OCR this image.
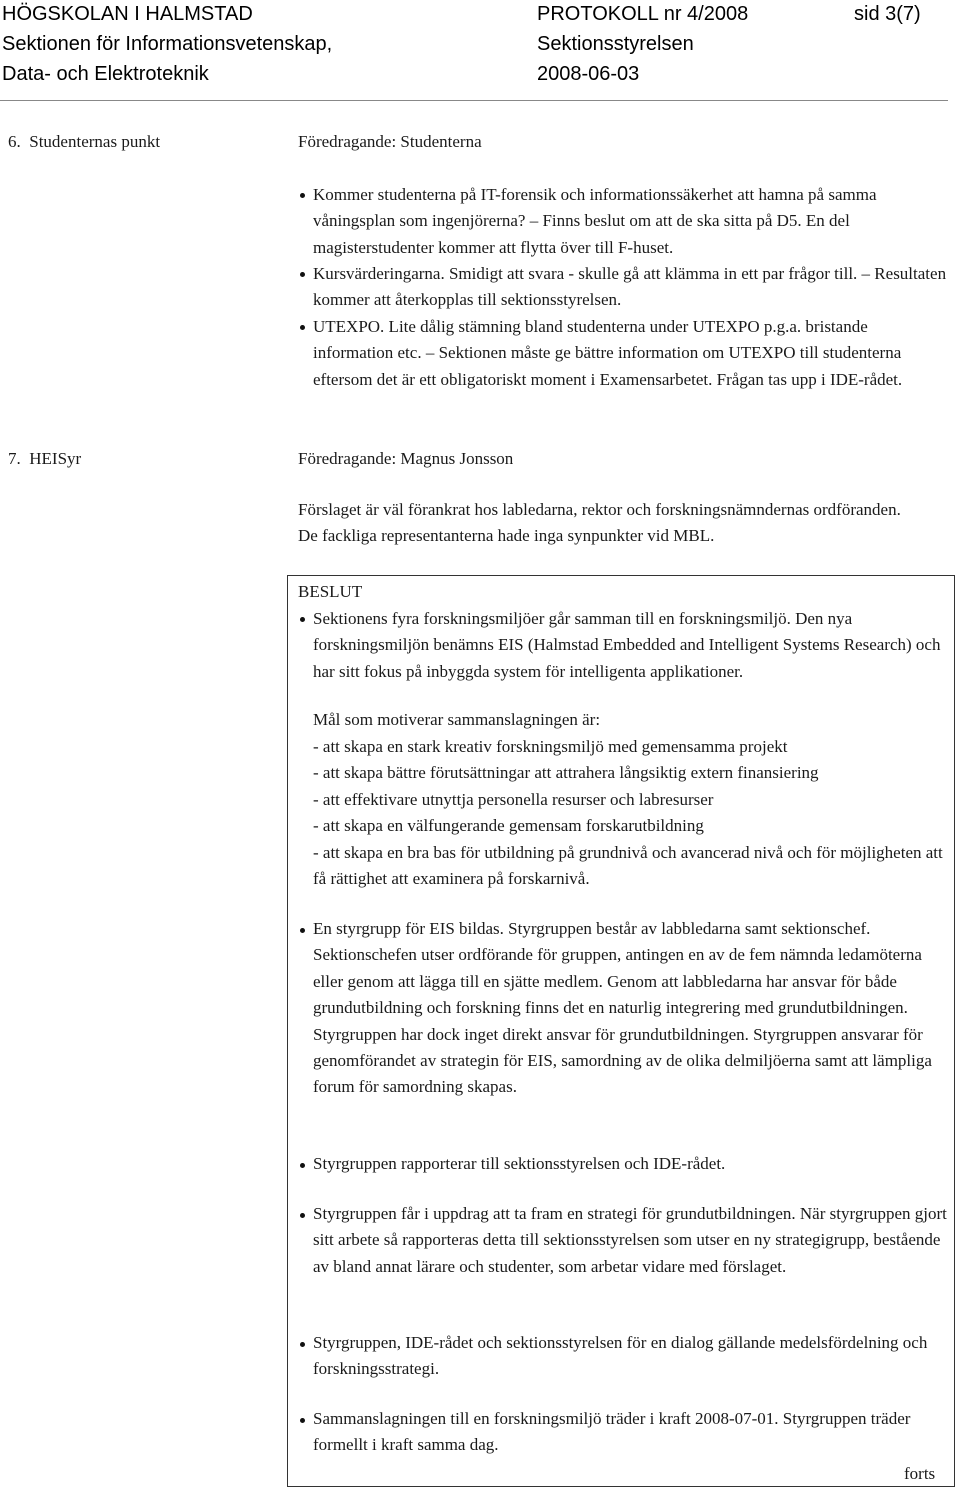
HÖGSKOLAN I HALMSTAD
Sektionen för Informationsvetenskap,
Data- och Elektroteknik
PROTOKOLL nr 4/2008
Sektionsstyrelsen
2008-06-03
sid 3(7)
6.  Studenternas punkt	Föredragande: Studenterna

Kommer studenterna på IT-forensik och informationssäkerhet att hamna på samma våningsplan som ingenjörerna? – Finns beslut om att de ska sitta på D5. En del magisterstudenter kommer att flytta över till F-huset.

Kursvärderingarna. Smidigt att svara - skulle gå att klämma in ett par frågor till. – Resultaten kommer att återkopplas till sektionsstyrelsen.

UTEXPO. Lite dålig stämning bland studenterna under UTEXPO p.g.a. bristande information etc. – Sektionen måste ge bättre information om UTEXPO till studenterna eftersom det är ett obligatoriskt moment i Examensarbetet. Frågan tas upp i IDE-rådet.

7.  HEISyr	Föredragande: Magnus Jonsson

Förslaget är väl förankrat hos labledarna, rektor och forskningsnämndernas ordföranden. De fackliga representanterna hade inga synpunkter vid MBL.

BESLUT

Sektionens fyra forskningsmiljöer går samman till en forskningsmiljö. Den nya forskningsmiljön benämns EIS (Halmstad Embedded and Intelligent Systems Research) och har sitt fokus på inbyggda system för intelligenta applikationer.

Mål som motiverar sammanslagningen är:
- att skapa en stark kreativ forskningsmiljö med gemensamma projekt
- att skapa bättre förutsättningar att attrahera långsiktig extern finansiering
- att effektivare utnyttja personella resurser och labresurser
- att skapa en välfungerande gemensam forskarutbildning

- att skapa en bra bas för utbildning på grundnivå och avancerad nivå och för möjligheten att få rättighet att examinera på forskarnivå.

En styrgrupp för EIS bildas. Styrgruppen består av labbledarna samt sektionschef. Sektionschefen utser ordförande för gruppen, antingen en av de fem nämnda ledamöterna eller genom att lägga till en sjätte medlem. Genom att labbledarna har ansvar för både grundutbildning och forskning finns det en naturlig integrering med grundutbildningen. Styrgruppen har dock inget direkt ansvar för grundutbildningen. Styrgruppen ansvarar för genomförandet av strategin för EIS, samordning av de olika delmiljöerna samt att lämpliga forum för samordning skapas.

Styrgruppen rapporterar till sektionsstyrelsen och IDE-rådet.

Styrgruppen får i uppdrag att ta fram en strategi för grundutbildningen. När styrgruppen gjort sitt arbete så rapporteras detta till sektionsstyrelsen som utser en ny strategigrupp, bestående av bland annat lärare och studenter, som arbetar vidare med förslaget.

Styrgruppen, IDE-rådet och sektionsstyrelsen för en dialog gällande medelsfördelning och forskningsstrategi.

Sammanslagningen till en forskningsmiljö träder i kraft 2008-07-01. Styrgruppen träder formellt i kraft samma dag.

forts
